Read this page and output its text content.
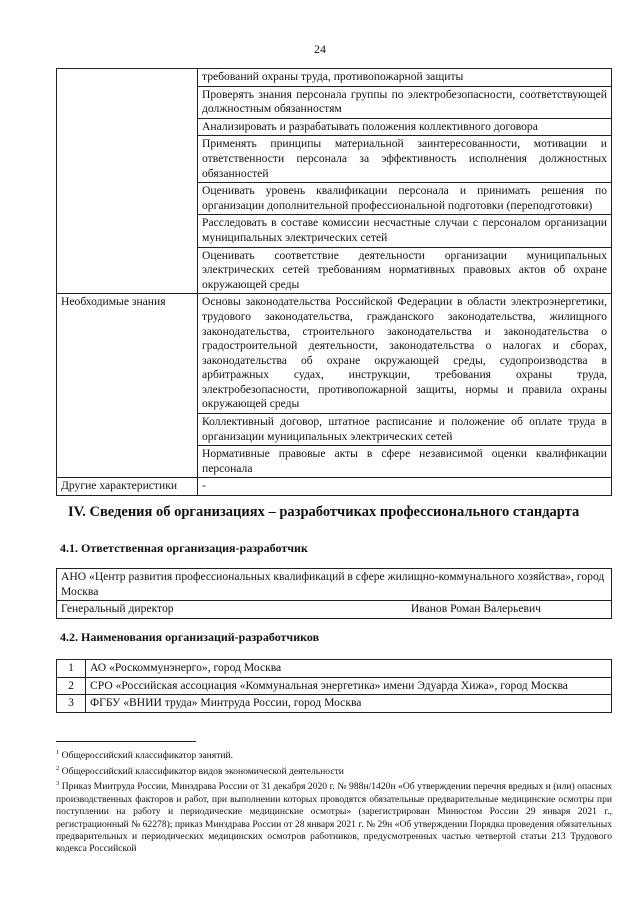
24
	требований охраны труда, противопожарной защиты
	Проверять знания персонала группы по электробезопасности, соответствующей должностным обязанностям
	Анализировать и разрабатывать положения коллективного договора
	Применять принципы материальной заинтересованности, мотивации и ответственности персонала за эффективность исполнения должностных обязанностей
	Оценивать уровень квалификации персонала и принимать решения по организации дополнительной профессиональной подготовки (переподготовки)
	Расследовать в составе комиссии несчастные случаи с персоналом организации муниципальных электрических сетей
	Оценивать соответствие деятельности организации муниципальных электрических сетей требованиям нормативных правовых актов об охране окружающей среды
Необходимые знания	Основы законодательства Российской Федерации в области электроэнергетики, трудового законодательства, гражданского законодательства, жилищного законодательства, строительного законодательства и законодательства о градостроительной деятельности, законодательства о налогах и сборах, законодательства об охране окружающей среды, судопроизводства в арбитражных судах, инструкции, требования охраны труда, электробезопасности, противопожарной защиты, нормы и правила охраны окружающей среды
	Коллективный договор, штатное расписание и положение об оплате труда в организации муниципальных электрических сетей
	Нормативные правовые акты в сфере независимой оценки квалификации персонала
Другие характеристики	-
IV. Сведения об организациях – разработчиках профессионального стандарта
4.1. Ответственная организация-разработчик
АНО «Центр развития профессиональных квалификаций в сфере жилищно-коммунального хозяйства», город Москва
Генеральный директор	Иванов Роман Валерьевич
4.2. Наименования организаций-разработчиков
1	АО «Роскоммунэнерго», город Москва
2	СРО «Российская ассоциация «Коммунальная энергетика» имени Эдуарда Хижа», город Москва
3	ФГБУ «ВНИИ труда» Минтруда России, город Москва

$^1$ Общероссийский классификатор занятий.

$^2$ Общероссийский классификатор видов экономической деятельности

$^3$ Приказ Минтруда России, Минздрава России от 31 декабря 2020 г. № 988н/1420н «Об утверждении перечня вредных и (или) опасных производственных факторов и работ, при выполнении которых проводятся обязательные предварительные медицинские осмотры при поступлении на работу и периодические медицинские осмотры» (зарегистрирован Минюстом России 29 января 2021 г., регистрационный № 62278); приказ Минздрава России от 28 января 2021 г. № 29н «Об утверждении Порядка проведения обязательных предварительных и периодических медицинских осмотров работников, предусмотренных частью четвертой статьи 213 Трудового кодекса Российской
